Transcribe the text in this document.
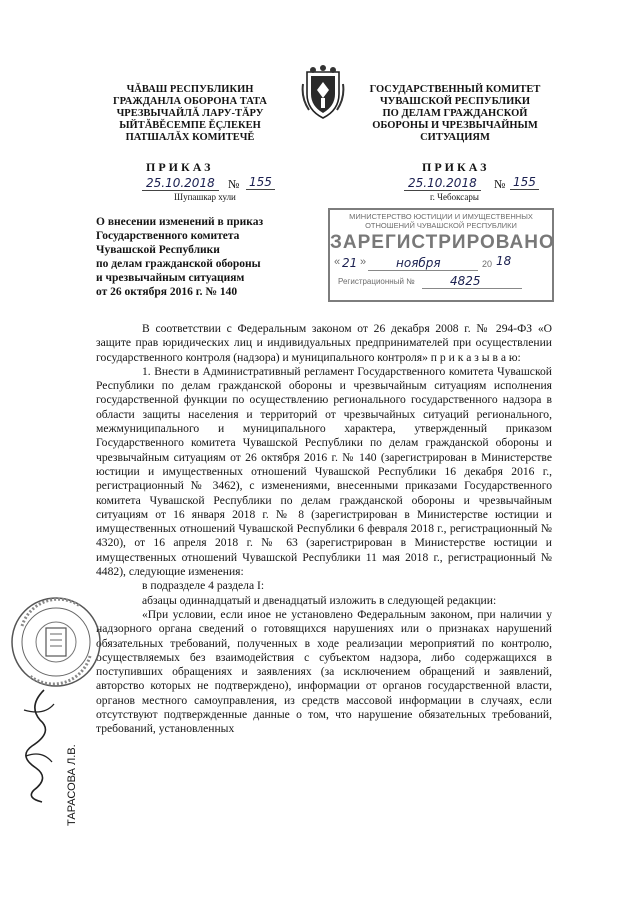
ЧĂВАШ РЕСПУБЛИКИН
ГРАЖДАНЛА ОБОРОНА ТАТА
ЧРЕЗВЫЧАЙЛĂ ЛАРУ-ТĂРУ
ЫЙТĂВĔСЕМПЕ ĔÇЛЕКЕН
ПАТШАЛĂХ КОМИТЕЧĔ
ГОСУДАРСТВЕННЫЙ КОМИТЕТ
ЧУВАШСКОЙ РЕСПУБЛИКИ
ПО ДЕЛАМ ГРАЖДАНСКОЙ
ОБОРОНЫ И ЧРЕЗВЫЧАЙНЫМ
СИТУАЦИЯМ
ПРИКАЗ
25.10.2018	№ 155
Шупашкар хули
ПРИКАЗ
25.10.2018	№ 155
г. Чебоксары
О внесении изменений в приказ
Государственного комитета
Чувашской Республики
по делам гражданской обороны
и чрезвычайным ситуациям
от 26 октября 2016 г. № 140
МИНИСТЕРСТВО ЮСТИЦИИ И ИМУЩЕСТВЕННЫХ
ОТНОШЕНИЙ ЧУВАШСКОЙ РЕСПУБЛИКИ
ЗАРЕГИСТРИРОВАНО
« 21 » ноября	20 18
Регистрационный №	4825

В соответствии с Федеральным законом от 26 декабря 2008 г. № 294-ФЗ «О защите прав юридических лиц и индивидуальных предпринимателей при осуществлении государственного контроля (надзора) и муниципального контроля» п р и к а з ы в а ю:

1. Внести в Административный регламент Государственного комитета Чувашской Республики по делам гражданской обороны и чрезвычайным ситуациям исполнения государственной функции по осуществлению регионального государственного надзора в области защиты населения и территорий от чрезвычайных ситуаций регионального, межмуниципального и муниципального характера, утвержденный приказом Государственного комитета Чувашской Республики по делам гражданской обороны и чрезвычайным ситуациям от 26 октября 2016 г. № 140 (зарегистрирован в Министерстве юстиции и имущественных отношений Чувашской Республики 16 декабря 2016 г., регистрационный № 3462), с изменениями, внесенными приказами Государственного комитета Чувашской Республики по делам гражданской обороны и чрезвычайным ситуациям от 16 января 2018 г. № 8 (зарегистрирован в Министерстве юстиции и имущественных отношений Чувашской Республики 6 февраля 2018 г., регистрационный № 4320), от 16 апреля 2018 г. № 63 (зарегистрирован в Министерстве юстиции и имущественных отношений Чувашской Республики 11 мая 2018 г., регистрационный № 4482), следующие изменения:

в подразделе 4 раздела I:

абзацы одиннадцатый и двенадцатый изложить в следующей редакции:

«При условии, если иное не установлено Федеральным законом, при наличии у надзорного органа сведений о готовящихся нарушениях или о признаках нарушений обязательных требований, полученных в ходе реализации мероприятий по контролю, осуществляемых без взаимодействия с субъектом надзора, либо содержащихся в поступивших обращениях и заявлениях (за исключением обращений и заявлений, авторство которых не подтверждено), информации от органов государственной власти, органов местного самоуправления, из средств массовой информации в случаях, если отсутствуют подтвержденные данные о том, что нарушение обязательных требований, требований, установленных

ТАРАСОВА Л.В.
